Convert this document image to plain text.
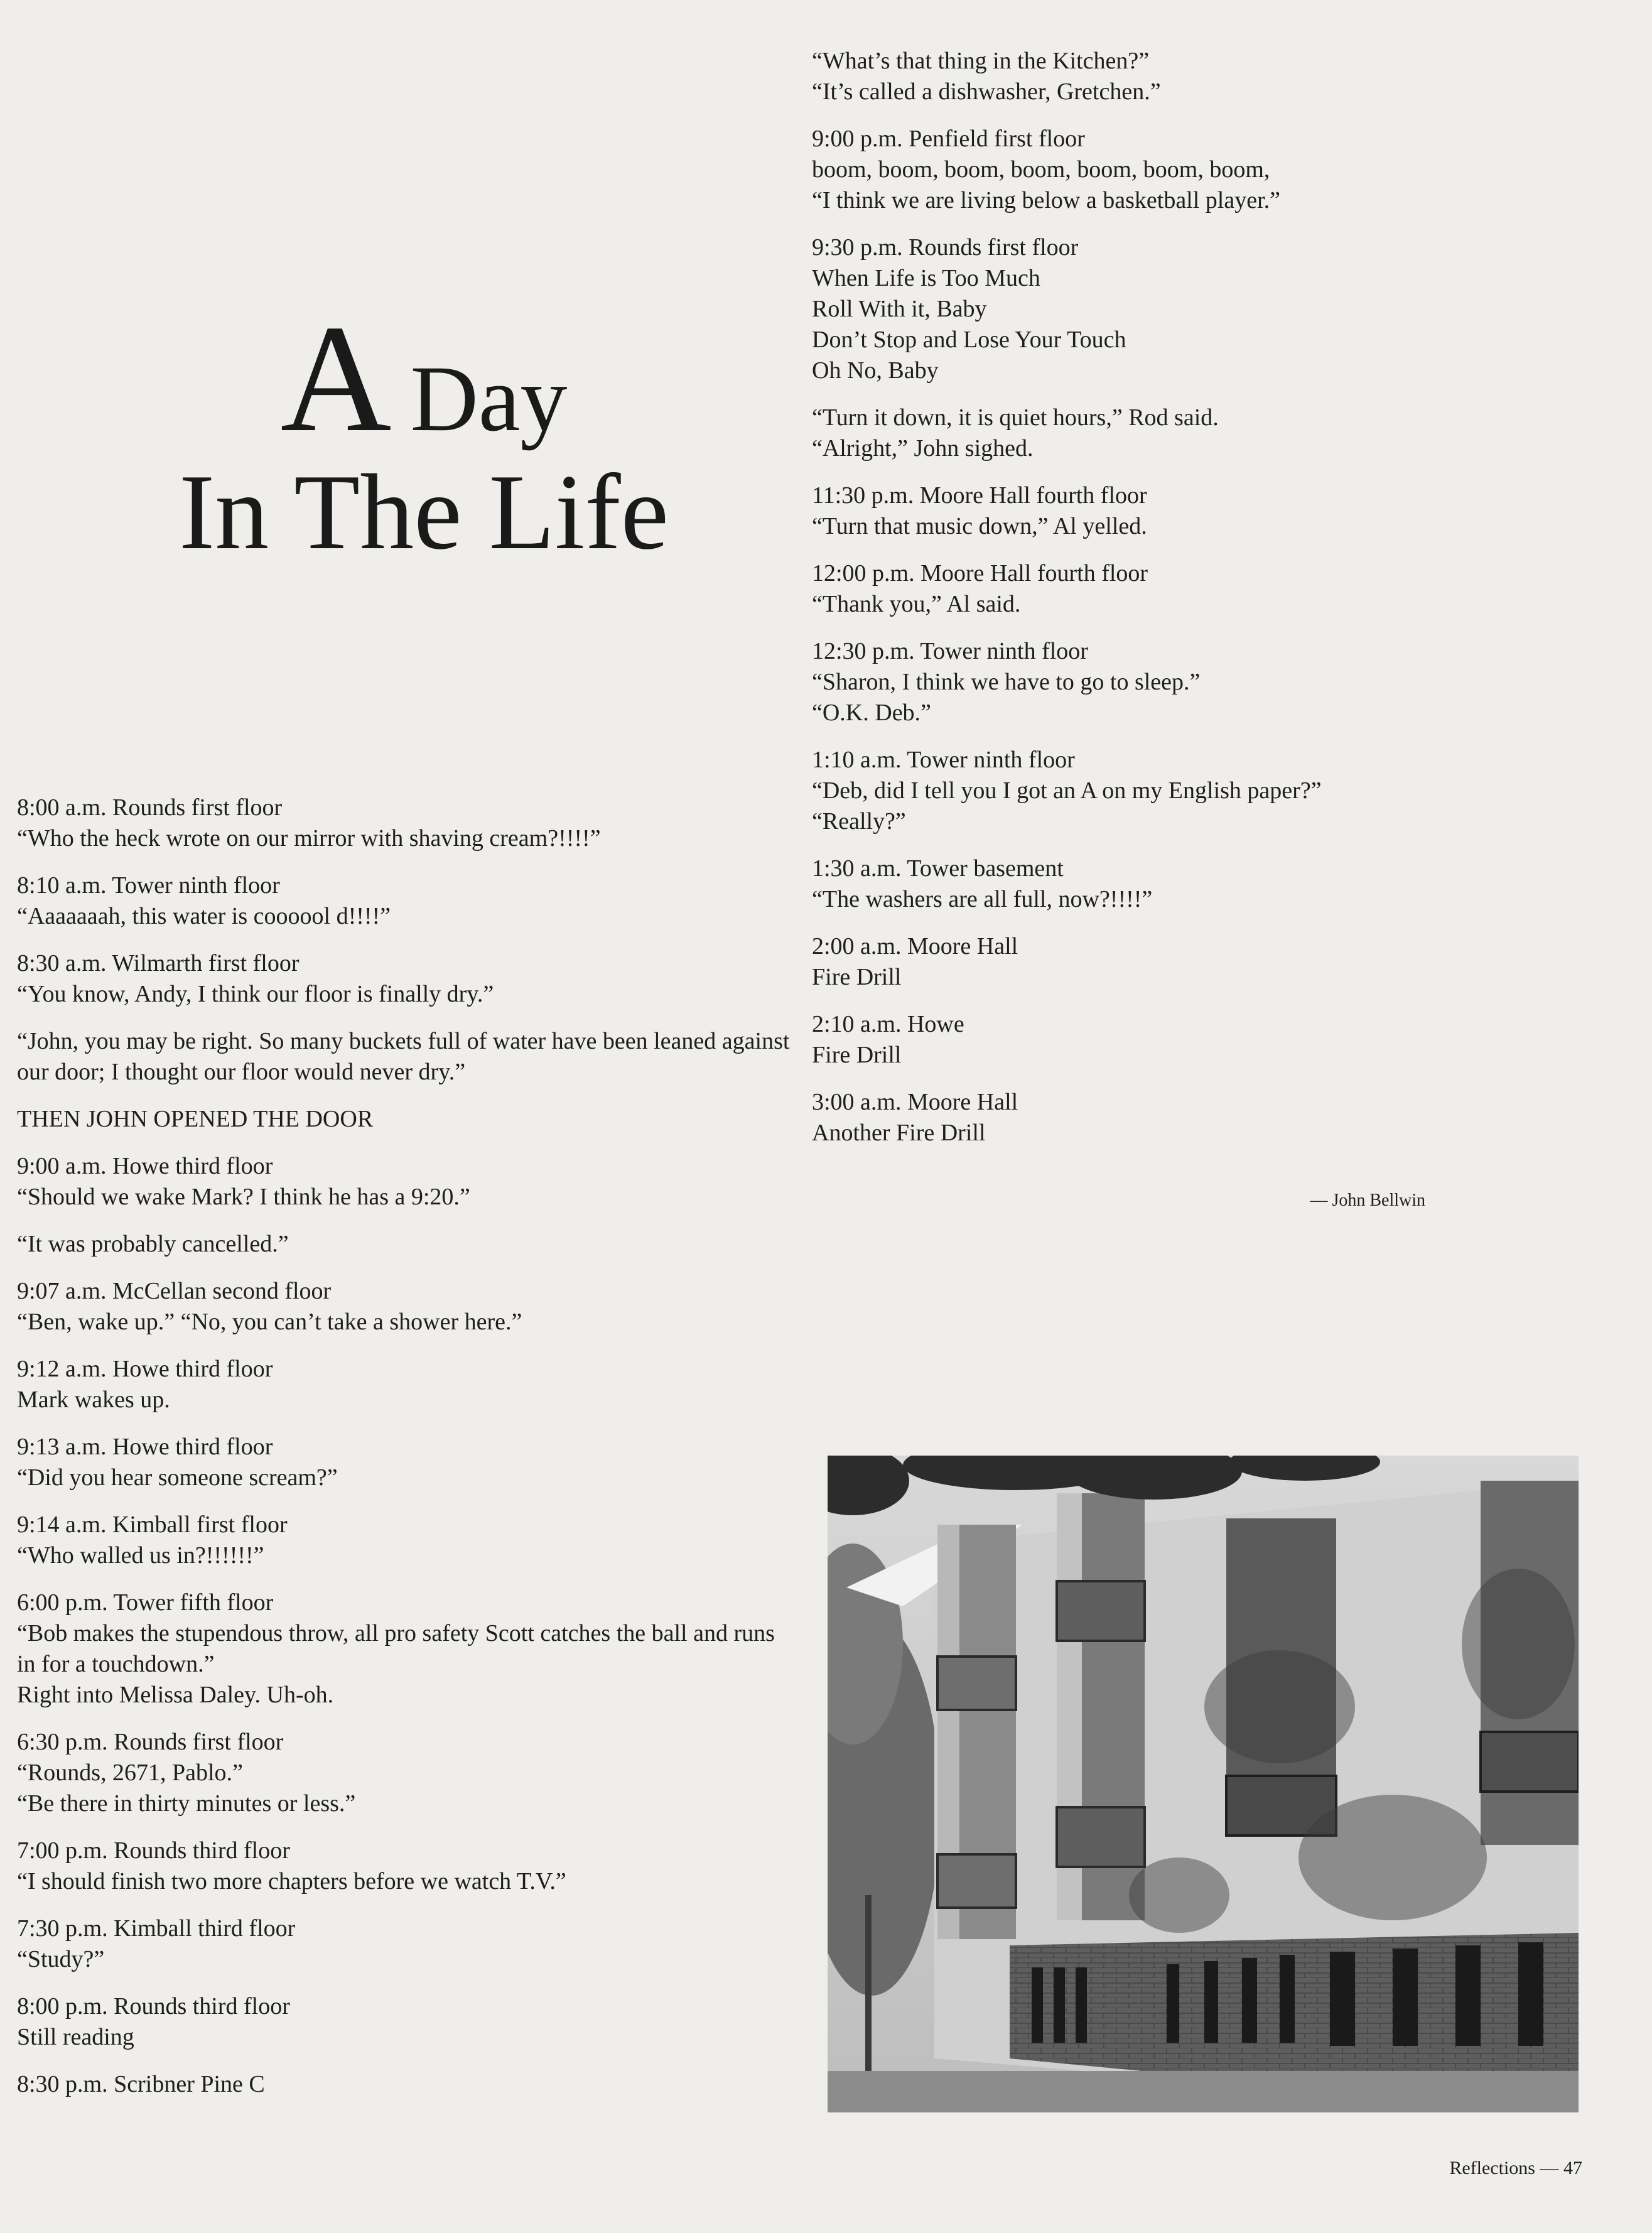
A Day
In The Life
8:00 a.m. Rounds first floor
“Who the heck wrote on our mirror with shaving cream?!!!!”
8:10 a.m. Tower ninth floor
“Aaaaaaah, this water is coooool d!!!!”
8:30 a.m. Wilmarth first floor
“You know, Andy, I think our floor is finally dry.”
“John, you may be right. So many buckets full of water have been leaned against our door; I thought our floor would never dry.”
THEN JOHN OPENED THE DOOR
9:00 a.m. Howe third floor
“Should we wake Mark? I think he has a 9:20.”
“It was probably cancelled.”
9:07 a.m. McCellan second floor
“Ben, wake up.” “No, you can’t take a shower here.”
9:12 a.m. Howe third floor
Mark wakes up.
9:13 a.m. Howe third floor
“Did you hear someone scream?”
9:14 a.m. Kimball first floor
“Who walled us in?!!!!!!”
6:00 p.m. Tower fifth floor
“Bob makes the stupendous throw, all pro safety Scott catches the ball and runs in for a touchdown.”
Right into Melissa Daley. Uh-oh.
6:30 p.m. Rounds first floor
“Rounds, 2671, Pablo.”
“Be there in thirty minutes or less.”
7:00 p.m. Rounds third floor
“I should finish two more chapters before we watch T.V.”
7:30 p.m. Kimball third floor
“Study?”
8:00 p.m. Rounds third floor
Still reading
8:30 p.m. Scribner Pine C
“What’s that thing in the Kitchen?”
“It’s called a dishwasher, Gretchen.”
9:00 p.m. Penfield first floor
boom, boom, boom, boom, boom, boom, boom,
“I think we are living below a basketball player.”
9:30 p.m. Rounds first floor
When Life is Too Much
Roll With it, Baby
Don’t Stop and Lose Your Touch
Oh No, Baby
“Turn it down, it is quiet hours,” Rod said.
“Alright,” John sighed.
11:30 p.m. Moore Hall fourth floor
“Turn that music down,” Al yelled.
12:00 p.m. Moore Hall fourth floor
“Thank you,” Al said.
12:30 p.m. Tower ninth floor
“Sharon, I think we have to go to sleep.”
“O.K. Deb.”
1:10 a.m. Tower ninth floor
“Deb, did I tell you I got an A on my English paper?”
“Really?”
1:30 a.m. Tower basement
“The washers are all full, now?!!!!”
2:00 a.m. Moore Hall
Fire Drill
2:10 a.m. Howe
Fire Drill
3:00 a.m. Moore Hall
Another Fire Drill
— John Bellwin
Reflections — 47
